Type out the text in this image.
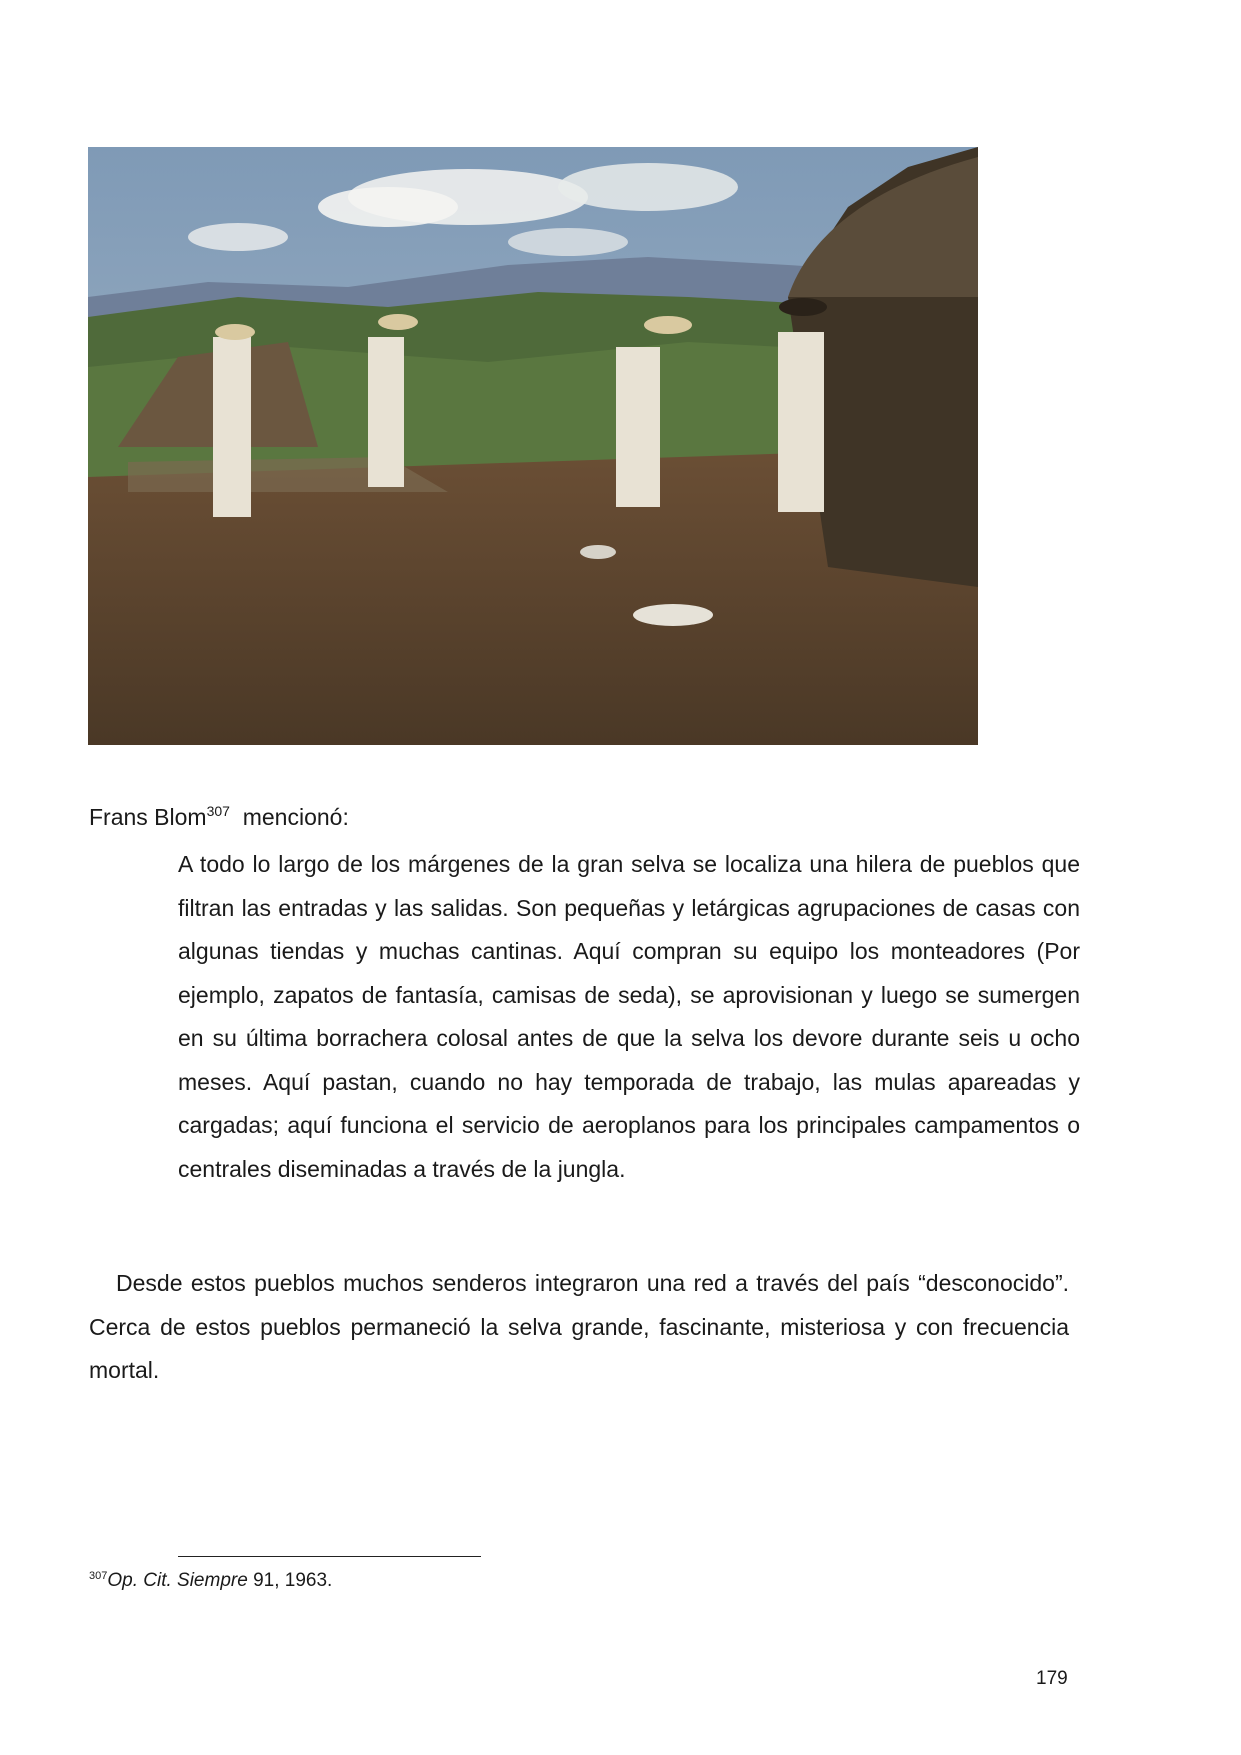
Frans Blom$^{307}$ mencionó:

A todo lo largo de los márgenes de la gran selva se localiza una hilera de pueblos que filtran las entradas y las salidas. Son pequeñas y letárgicas agrupaciones de casas con algunas tiendas y muchas cantinas. Aquí compran su equipo los monteadores (Por ejemplo, zapatos de fantasía, camisas de seda), se aprovisionan y luego se sumergen en su última borrachera colosal antes de que la selva los devore durante seis u ocho meses. Aquí pastan, cuando no hay temporada de trabajo, las mulas apareadas y cargadas; aquí funciona el servicio de aeroplanos para los principales campamentos o centrales diseminadas a través de la jungla.

Desde estos pueblos muchos senderos integraron una red a través del país “desconocido”. Cerca de estos pueblos permaneció la selva grande, fascinante, misteriosa y con frecuencia mortal.

$^{307}$Op. Cit. Siempre 91, 1963.
179
